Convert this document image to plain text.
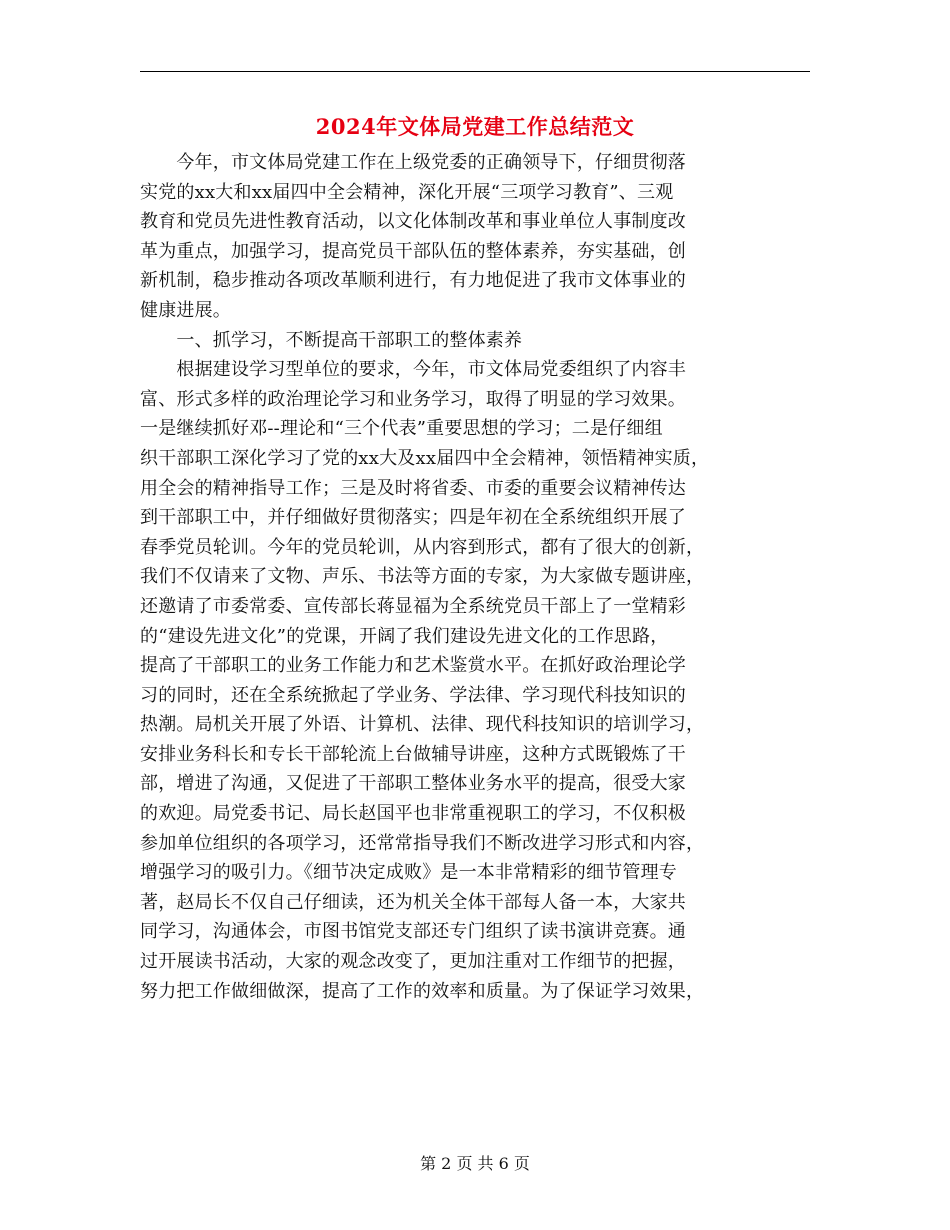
2024年文体局党建工作总结范文
　　今年，市文体局党建工作在上级党委的正确领导下，仔细贯彻落
实党的xx大和xx届四中全会精神，深化开展“三项学习教育”、三观
教育和党员先进性教育活动，以文化体制改革和事业单位人事制度改
革为重点，加强学习，提高党员干部队伍的整体素养，夯实基础，创
新机制，稳步推动各项改革顺利进行，有力地促进了我市文体事业的
健康进展。
　　一、抓学习，不断提高干部职工的整体素养
　　根据建设学习型单位的要求，今年，市文体局党委组织了内容丰
富、形式多样的政治理论学习和业务学习，取得了明显的学习效果。
一是继续抓好邓--理论和“三个代表”重要思想的学习；二是仔细组
织干部职工深化学习了党的xx大及xx届四中全会精神，领悟精神实质，
用全会的精神指导工作；三是及时将省委、市委的重要会议精神传达
到干部职工中，并仔细做好贯彻落实；四是年初在全系统组织开展了
春季党员轮训。今年的党员轮训，从内容到形式，都有了很大的创新，
我们不仅请来了文物、声乐、书法等方面的专家，为大家做专题讲座，
还邀请了市委常委、宣传部长蒋显福为全系统党员干部上了一堂精彩
的“建设先进文化”的党课，开阔了我们建设先进文化的工作思路，
提高了干部职工的业务工作能力和艺术鉴赏水平。在抓好政治理论学
习的同时，还在全系统掀起了学业务、学法律、学习现代科技知识的
热潮。局机关开展了外语、计算机、法律、现代科技知识的培训学习，
安排业务科长和专长干部轮流上台做辅导讲座，这种方式既锻炼了干
部，增进了沟通，又促进了干部职工整体业务水平的提高，很受大家
的欢迎。局党委书记、局长赵国平也非常重视职工的学习，不仅积极
参加单位组织的各项学习，还常常指导我们不断改进学习形式和内容，
增强学习的吸引力。《细节决定成败》是一本非常精彩的细节管理专
著，赵局长不仅自己仔细读，还为机关全体干部每人备一本，大家共
同学习，沟通体会，市图书馆党支部还专门组织了读书演讲竞赛。通
过开展读书活动，大家的观念改变了，更加注重对工作细节的把握，
努力把工作做细做深，提高了工作的效率和质量。为了保证学习效果，
第 2 页 共 6 页
